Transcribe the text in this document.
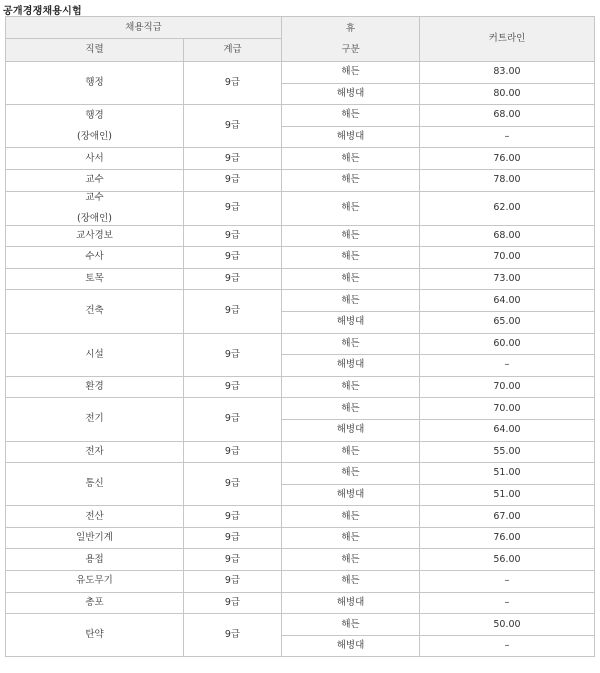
공개경쟁채용시험
채용직급		휴
구분	커트라인
직렬	계급		

행정	9급	해든	83.00
		해병대	80.00

행경
(장애인)	9급	해든	68.00
		해병대	–

사서	9급	해든	76.00

교수	9급	해든	78.00

교수
(장애인)	9급	해든	62.00

교사경보	9급	해든	68.00

수사	9급	해든	70.00

토목	9급	해든	73.00

건축	9급	해든	64.00
		해병대	65.00

시설	9급	해든	60.00
		해병대	–

환경	9급	해든	70.00

전기	9급	해든	70.00
		해병대	64.00

전자	9급	해든	55.00

통신	9급	해든	51.00
		해병대	51.00

전산	9급	해든	67.00

일반기계	9급	해든	76.00

용접	9급	해든	56.00

유도무기	9급	해든	–

총포	9급	해병대	–

탄약	9급	해든	50.00
		해병대	–
